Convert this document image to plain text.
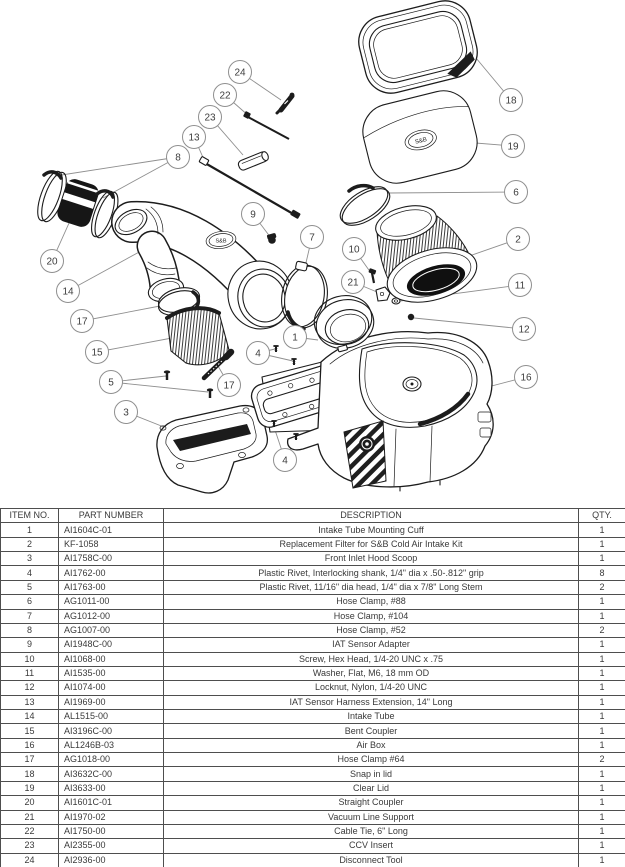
S&B
S&B
24
22
23
13
8
20
14
17
15
5
3
9
7
17
1
4
4
10
21
2
11
12
16
18
19
6
ITEM NO.	PART NUMBER	DESCRIPTION	QTY.
1	AI1604C-01	Intake Tube Mounting Cuff	1
2	KF-1058	Replacement Filter for S&B Cold Air Intake Kit	1
3	AI1758C-00	Front Inlet Hood Scoop	1
4	AI1762-00	Plastic Rivet, Interlocking shank, 1/4" dia x .50-.812" grip	8
5	AI1763-00	Plastic Rivet, 11/16" dia head, 1/4" dia x 7/8" Long Stem	2
6	AG1011-00	Hose Clamp, #88	1
7	AG1012-00	Hose Clamp, #104	1
8	AG1007-00	Hose Clamp, #52	2
9	AI1948C-00	IAT Sensor Adapter	1
10	AI1068-00	Screw, Hex Head, 1/4-20 UNC x .75	1
11	AI1535-00	Washer, Flat, M6, 18 mm OD	1
12	AI1074-00	Locknut, Nylon, 1/4-20 UNC	1
13	AI1969-00	IAT Sensor Harness Extension, 14" Long	1
14	AL1515-00	Intake Tube	1
15	AI3196C-00	Bent Coupler	1
16	AL1246B-03	Air Box	1
17	AG1018-00	Hose Clamp #64	2
18	AI3632C-00	Snap in lid	1
19	AI3633-00	Clear Lid	1
20	AI1601C-01	Straight Coupler	1
21	AI1970-02	Vacuum Line Support	1
22	AI1750-00	Cable Tie, 6" Long	1
23	AI2355-00	CCV Insert	1
24	AI2936-00	Disconnect Tool	1
